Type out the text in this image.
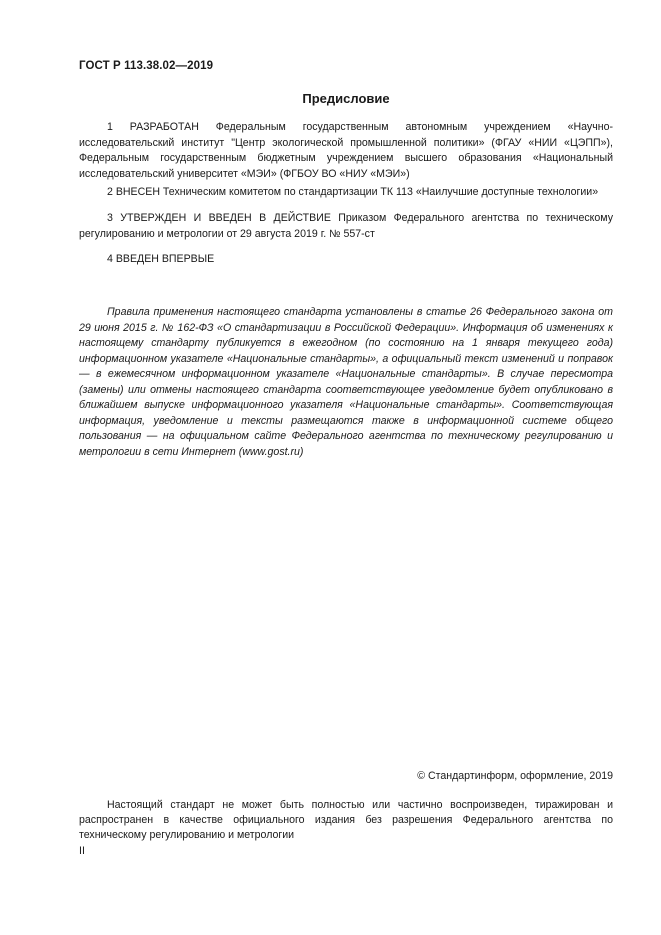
ГОСТ Р 113.38.02—2019
Предисловие

1 РАЗРАБОТАН Федеральным государственным автономным учреждением «Научно-исследовательский институт "Центр экологической промышленной политики» (ФГАУ «НИИ «ЦЭПП»), Федеральным государственным бюджетным учреждением высшего образования «Национальный исследовательский университет «МЭИ» (ФГБОУ ВО «НИУ «МЭИ»)

2 ВНЕСЕН Техническим комитетом по стандартизации ТК 113 «Наилучшие доступные технологии»

3 УТВЕРЖДЕН И ВВЕДЕН В ДЕЙСТВИЕ Приказом Федерального агентства по техническому регулированию и метрологии от 29 августа 2019 г. № 557-ст

4 ВВЕДЕН ВПЕРВЫЕ

Правила применения настоящего стандарта установлены в статье 26 Федерального закона от 29 июня 2015 г. № 162-ФЗ «О стандартизации в Российской Федерации». Информация об изменениях к настоящему стандарту публикуется в ежегодном (по состоянию на 1 января текущего года) информационном указателе «Национальные стандарты», а официальный текст изменений и поправок — в ежемесячном информационном указателе «Национальные стандарты». В случае пересмотра (замены) или отмены настоящего стандарта соответствующее уведомление будет опубликовано в ближайшем выпуске информационного указателя «Национальные стандарты». Соответствующая информация, уведомление и тексты размещаются также в информационной системе общего пользования — на официальном сайте Федерального агентства по техническому регулированию и метрологии в сети Интернет (www.gost.ru)

© Стандартинформ, оформление, 2019

Настоящий стандарт не может быть полностью или частично воспроизведен, тиражирован и распространен в качестве официального издания без разрешения Федерального агентства по техническому регулированию и метрологии

II
